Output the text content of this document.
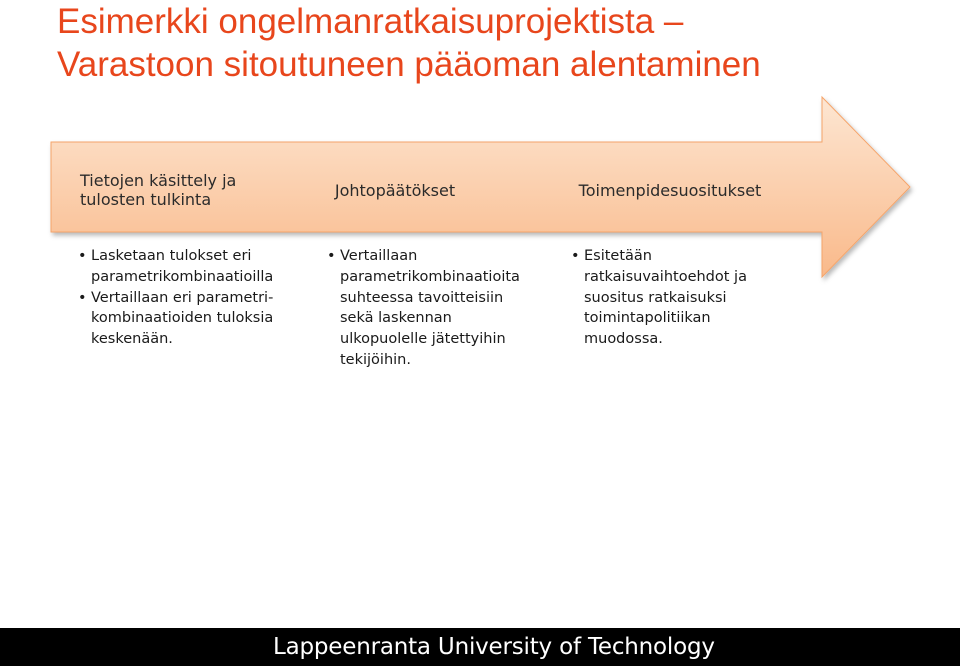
Esimerkki ongelmanratkaisuprojektista –
Varastoon sitoutuneen pääoman alentaminen
Tietojen käsittely ja
tulosten tulkinta	Johtopäätökset	Toimenpidesuositukset
• Lasketaan tulokset eri
parametrikombinaatioilla
• Vertaillaan eri parametri-
kombinaatioiden tuloksia
keskenään.
• Vertaillaan
parametrikombinaatioita
suhteessa tavoitteisiin
sekä laskennan
ulkopuolelle jätettyihin
tekijöihin.
• Esitetään
ratkaisuvaihtoehdot ja
suositus ratkaisuksi
toimintapolitiikan
muodossa.
Lappeenranta University of Technology
